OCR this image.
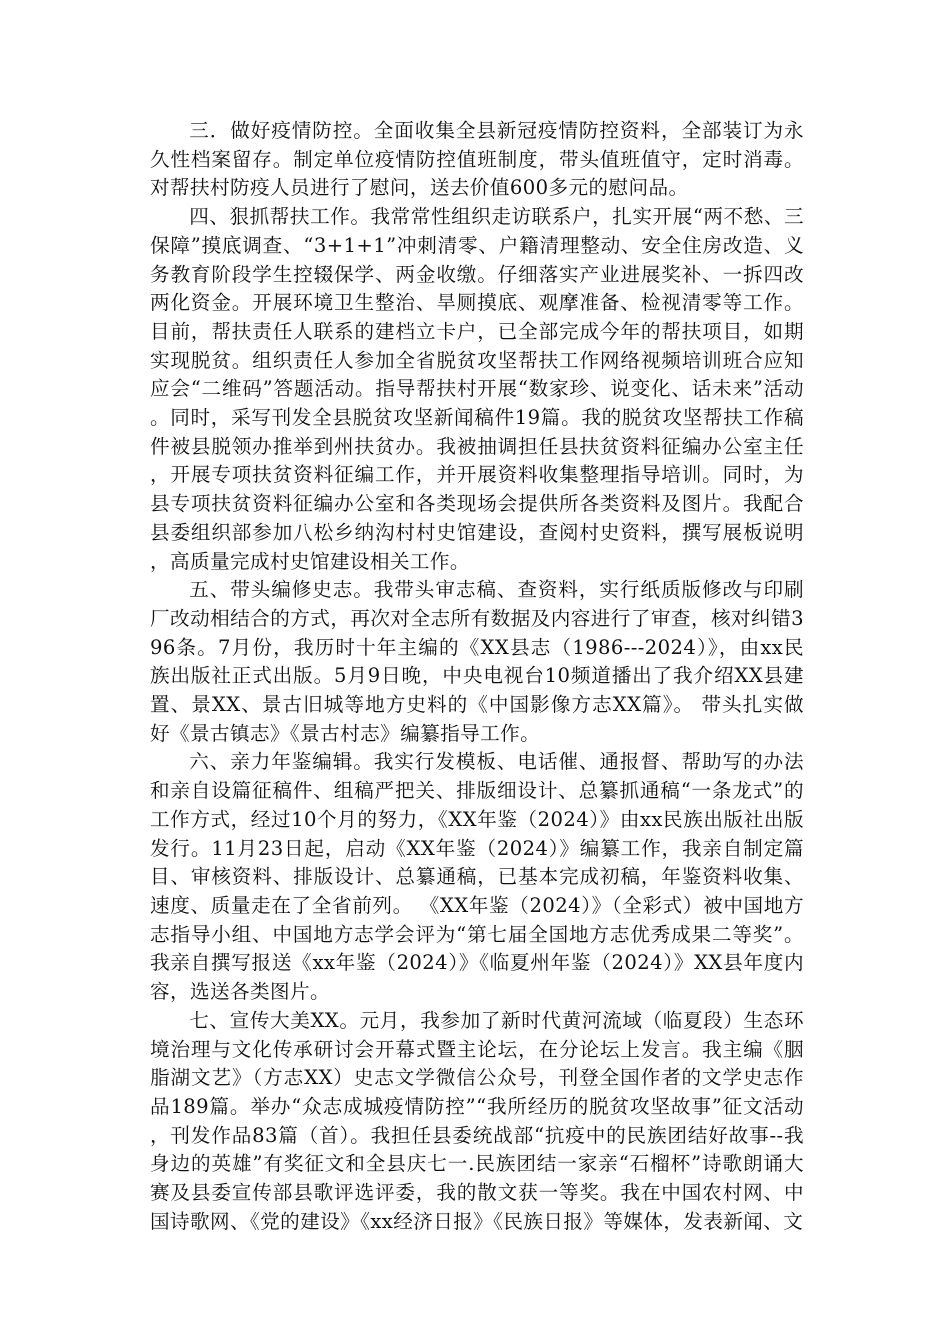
三．做好疫情防控。全面收集全县新冠疫情防控资料，全部装订为永久性档案留存。制定单位疫情防控值班制度，带头值班值守，定时消毒。对帮扶村防疫人员进行了慰问，送去价值600多元的慰问品。

四、狠抓帮扶工作。我常常性组织走访联系户，扎实开展“两不愁、三保障”摸底调查、“3+1+1”冲刺清零、户籍清理整动、安全住房改造、义务教育阶段学生控辍保学、两金收缴。仔细落实产业进展奖补、一拆四改两化资金。开展环境卫生整治、旱厕摸底、观摩准备、检视清零等工作。目前，帮扶责任人联系的建档立卡户，已全部完成今年的帮扶项目，如期实现脱贫。组织责任人参加全省脱贫攻坚帮扶工作网络视频培训班合应知应会“二维码”答题活动。指导帮扶村开展“数家珍、说变化、话未来”活动。同时，采写刊发全县脱贫攻坚新闻稿件19篇。我的脱贫攻坚帮扶工作稿件被县脱领办推举到州扶贫办。我被抽调担任县扶贫资料征编办公室主任，开展专项扶贫资料征编工作，并开展资料收集整理指导培训。同时，为县专项扶贫资料征编办公室和各类现场会提供所各类资料及图片。我配合县委组织部参加八松乡纳沟村村史馆建设，查阅村史资料，撰写展板说明，高质量完成村史馆建设相关工作。

五、带头编修史志。我带头审志稿、查资料，实行纸质版修改与印刷厂改动相结合的方式，再次对全志所有数据及内容进行了审查，核对纠错396条。7月份，我历时十年主编的《XX县志（1986---2024）》，由xx民族出版社正式出版。5月9日晚，中央电视台10频道播出了我介绍XX县建置、景XX、景古旧城等地方史料的《中国影像方志XX篇》。 带头扎实做好《景古镇志》《景古村志》编纂指导工作。

六、亲力年鉴编辑。我实行发模板、电话催、通报督、帮助写的办法和亲自设篇征稿件、组稿严把关、排版细设计、总纂抓通稿“一条龙式”的工作方式，经过10个月的努力，《XX年鉴（2024）》由xx民族出版社出版发行。11月23日起，启动《XX年鉴（2024）》编纂工作，我亲自制定篇目、审核资料、排版设计、总纂通稿，已基本完成初稿，年鉴资料收集、速度、质量走在了全省前列。 《XX年鉴（2024）》（全彩式）被中国地方志指导小组、中国地方志学会评为“第七届全国地方志优秀成果二等奖”。我亲自撰写报送《xx年鉴（2024）》《临夏州年鉴（2024）》XX县年度内容，选送各类图片。

七、宣传大美XX。元月，我参加了新时代黄河流域（临夏段）生态环境治理与文化传承研讨会开幕式暨主论坛，在分论坛上发言。我主编《胭脂湖文艺》（方志XX）史志文学微信公众号，刊登全国作者的文学史志作品189篇。举办“众志成城疫情防控”“我所经历的脱贫攻坚故事”征文活动，刊发作品83篇（首）。我担任县委统战部“抗疫中的民族团结好故事--我身边的英雄”有奖征文和全县庆七一.民族团结一家亲“石榴杯”诗歌朗诵大赛及县委宣传部县歌评选评委，我的散文获一等奖。我在中国农村网、中国诗歌网、《党的建设》《xx经济日报》《民族日报》等媒体，发表新闻、文
